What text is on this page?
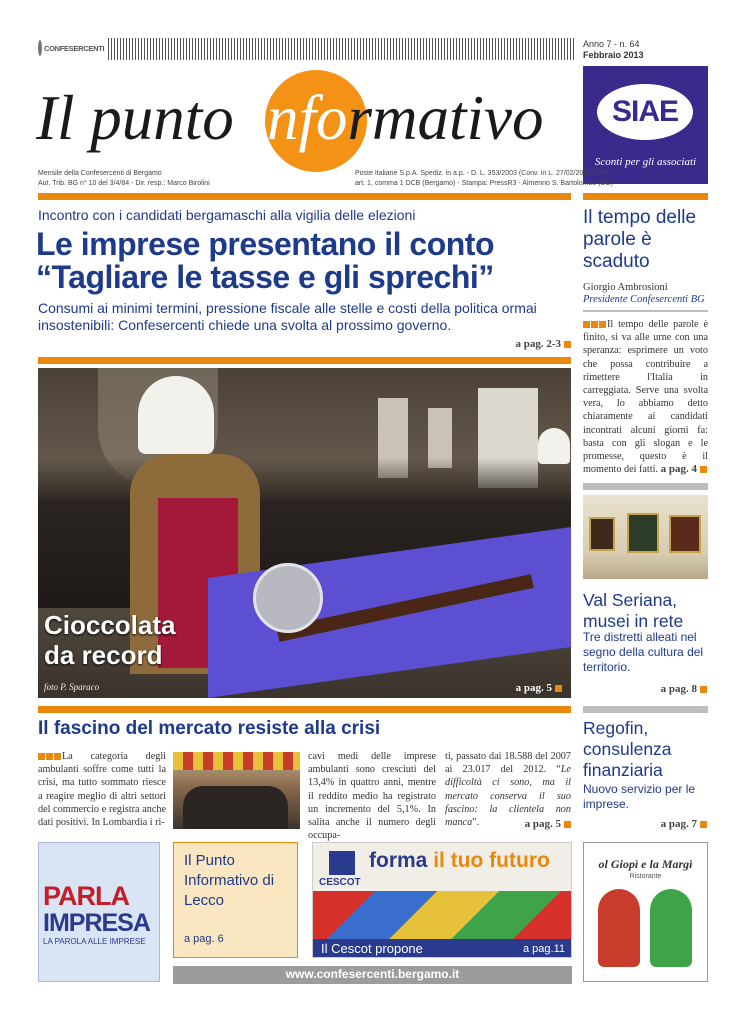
CONFESERCENTI	Anno 7 - n. 64
Febbraio 2013
Il punto informativo SIAE
Sconti per gli associati
Mensile della Confesercenti di Bergamo
Aut. Trib. BG n° 10 del 3/4/84 - Dir. resp.: Marco Birolini
Poste Italiane S.p.A. Spediz. in a.p. - D. L. 353/2003 (Conv. in L. 27/02/2004 N°46
art. 1, comma 1 DCB (Bergamo) - Stampa: PressR3 - Almenno S. Bartolomeo (BG)
Incontro con i candidati bergamaschi alla vigilia delle elezioni
Le imprese presentano il conto
“Tagliare le tasse e gli sprechi”
Consumi ai minimi termini, pressione fiscale alle stelle e costi della politica ormai insostenibili: Confesercenti chiede una svolta al prossimo governo.
a pag. 2-3
Cioccolata
da record
foto P. Sparaco	a pag. 5
Il tempo delle parole è scaduto
Giorgio Ambrosioni
Presidente Confesercenti BG
Il tempo delle parole è finito, si va alle urne con una speranza: esprimere un voto che possa contribuire a rimettere l'Italia in carreggiata. Serve una svolta vera, lo abbiamo detto chiaramente ai candidati incontrati alcuni giorni fa: basta con gli slogan e le promesse, questo è il momento dei fatti. a pag. 4
Val Seriana, musei in rete
Tre distretti alleati nel segno della cultura del territorio.
a pag. 8
Il fascino del mercato resiste alla crisi
La categoria degli ambulanti soffre come tutti la crisi, ma tutto sommato riesce a reagire meglio di altri settori del commercio e registra anche dati positivi. In Lombardia i ri-
cavi medi delle imprese ambulanti sono cresciuti del 13,4% in quattro anni, mentre il reddito medio ha registrato un incremento del 5,1%. In salita anche il numero degli occupa-
ti, passato dai 18.588 del 2007 ai 23.017 del 2012. “Le difficoltà ci sono, ma il mercato conserva il suo fascino: la clientela non manca”.	a pag. 5
Regofin, consulenza finanziaria
Nuovo servizio per le imprese.
a pag. 7
PARLA
IMPRESA
LA PAROLA ALLE IMPRESE
Il Punto Informativo di Lecco
a pag. 6
CESCOT
forma il tuo futuro
Il Cescot propone	a pag.11
ol Giopì e la Margì
Ristorante
www.confesercenti.bergamo.it
